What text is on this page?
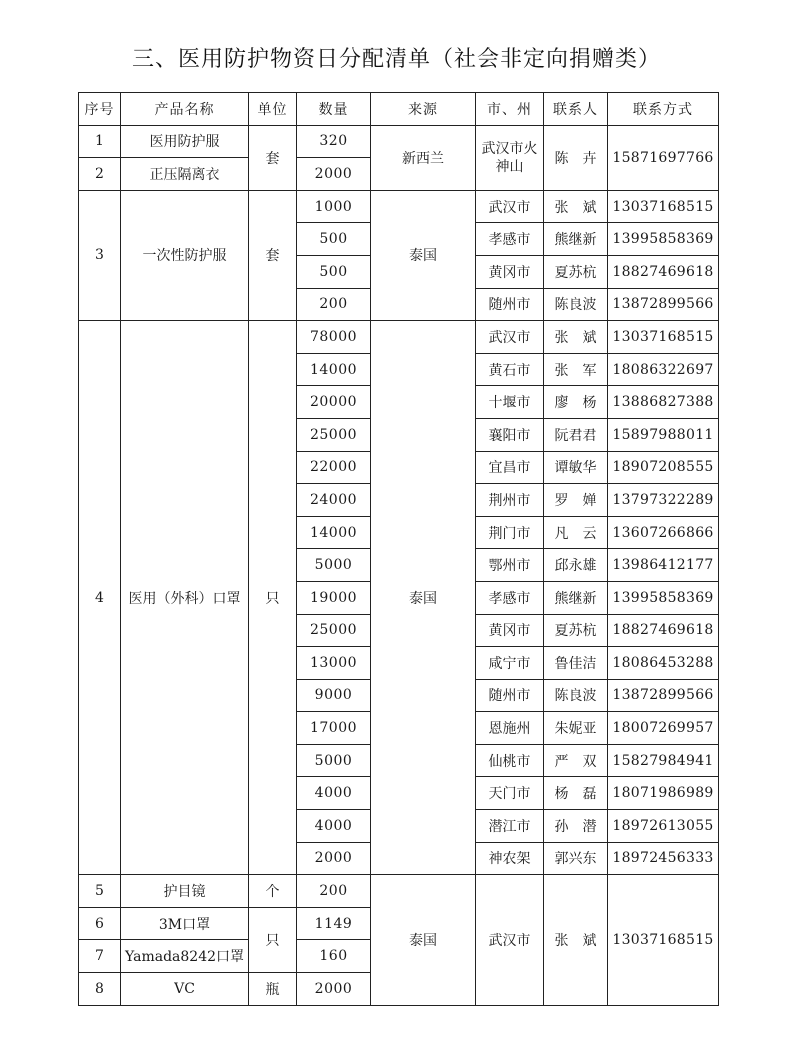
三、医用防护物资日分配清单（社会非定向捐赠类）
序号	产品名称	单位	数量	来源	市、州	联系人	联系方式
1	医用防护服	套	320	新西兰	武汉市火神山	陈　卉	15871697766
2	正压隔离衣		2000				
3	一次性防护服	套	1000	泰国	武汉市	张　斌	13037168515
			500		孝感市	熊继新	13995858369
			500		黄冈市	夏苏杭	18827469618
			200		随州市	陈良波	13872899566
4	医用（外科）口罩	只	78000	泰国	武汉市	张　斌	13037168515
			14000		黄石市	张　军	18086322697
			20000		十堰市	廖　杨	13886827388
			25000		襄阳市	阮君君	15897988011
			22000		宜昌市	谭敏华	18907208555
			24000		荆州市	罗　婵	13797322289
			14000		荆门市	凡　云	13607266866
			5000		鄂州市	邱永雄	13986412177
			19000		孝感市	熊继新	13995858369
			25000		黄冈市	夏苏杭	18827469618
			13000		咸宁市	鲁佳洁	18086453288
			9000		随州市	陈良波	13872899566
			17000		恩施州	朱妮亚	18007269957
			5000		仙桃市	严　双	15827984941
			4000		天门市	杨　磊	18071986989
			4000		潜江市	孙　潜	18972613055
			2000		神农架	郭兴东	18972456333
5	护目镜	个	200	泰国	武汉市	张　斌	13037168515
6	3M口罩	只	1149				
7	Yamada8242口罩		160				
8	VC	瓶	2000				
